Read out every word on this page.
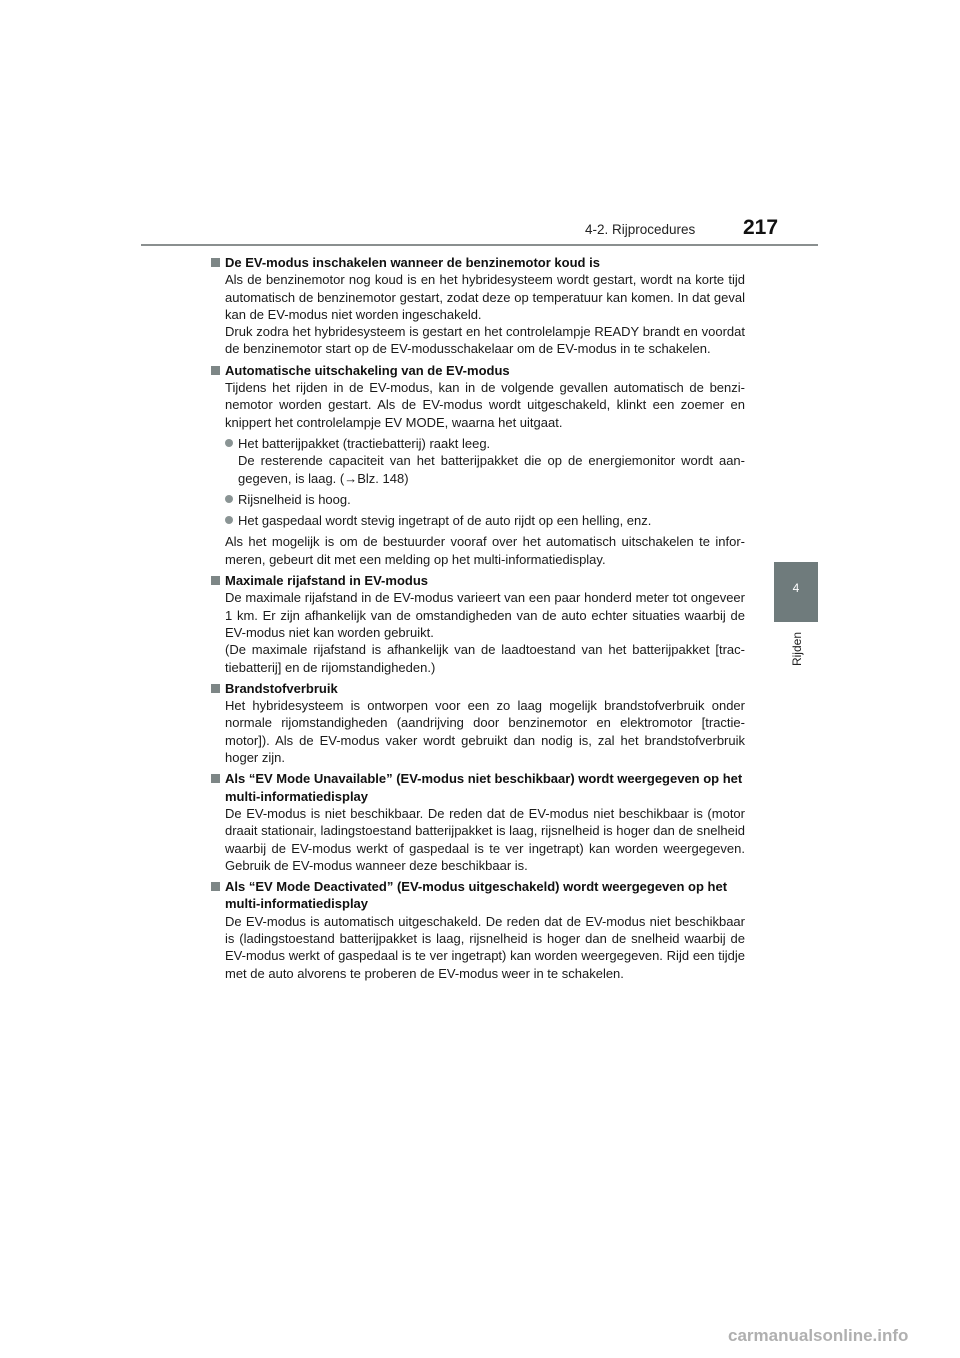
4-2. Rijprocedures 217
4
Rijden
De EV-modus inschakelen wanneer de benzinemotor koud is
Als de benzinemotor nog koud is en het hybridesysteem wordt gestart, wordt na korte tijd automatisch de benzinemotor gestart, zodat deze op temperatuur kan komen. In dat geval kan de EV-modus niet worden ingeschakeld.
Druk zodra het hybridesysteem is gestart en het controlelampje READY brandt en voordat de benzinemotor start op de EV-modusschakelaar om de EV-modus in te schakelen.
Automatische uitschakeling van de EV-modus
Tijdens het rijden in de EV-modus, kan in de volgende gevallen automatisch de benzinemotor worden gestart. Als de EV-modus wordt uitgeschakeld, klinkt een zoemer en knippert het controlelampje EV MODE, waarna het uitgaat.
Het batterijpakket (tractiebatterij) raakt leeg.
De resterende capaciteit van het batterijpakket die op de energiemonitor wordt aangegeven, is laag. (→Blz. 148)
Rijsnelheid is hoog.
Het gaspedaal wordt stevig ingetrapt of de auto rijdt op een helling, enz.
Als het mogelijk is om de bestuurder vooraf over het automatisch uitschakelen te informeren, gebeurt dit met een melding op het multi-informatiedisplay.
Maximale rijafstand in EV-modus
De maximale rijafstand in de EV-modus varieert van een paar honderd meter tot ongeveer 1 km. Er zijn afhankelijk van de omstandigheden van de auto echter situaties waarbij de EV-modus niet kan worden gebruikt.
(De maximale rijafstand is afhankelijk van de laadtoestand van het batterijpakket [tractiebatterij] en de rijomstandigheden.)
Brandstofverbruik
Het hybridesysteem is ontworpen voor een zo laag mogelijk brandstofverbruik onder normale rijomstandigheden (aandrijving door benzinemotor en elektromotor [tractiemotor]). Als de EV-modus vaker wordt gebruikt dan nodig is, zal het brandstofverbruik hoger zijn.
Als “EV Mode Unavailable” (EV-modus niet beschikbaar) wordt weergegeven op het multi-informatiedisplay
De EV-modus is niet beschikbaar. De reden dat de EV-modus niet beschikbaar is (motor draait stationair, ladingstoestand batterijpakket is laag, rijsnelheid is hoger dan de snelheid waarbij de EV-modus werkt of gaspedaal is te ver ingetrapt) kan worden weergegeven. Gebruik de EV-modus wanneer deze beschikbaar is.
Als “EV Mode Deactivated” (EV-modus uitgeschakeld) wordt weergegeven op het multi-informatiedisplay
De EV-modus is automatisch uitgeschakeld. De reden dat de EV-modus niet beschikbaar is (ladingstoestand batterijpakket is laag, rijsnelheid is hoger dan de snelheid waarbij de EV-modus werkt of gaspedaal is te ver ingetrapt) kan worden weergegeven. Rijd een tijdje met de auto alvorens te proberen de EV-modus weer in te schakelen.
carmanualsonline.info
